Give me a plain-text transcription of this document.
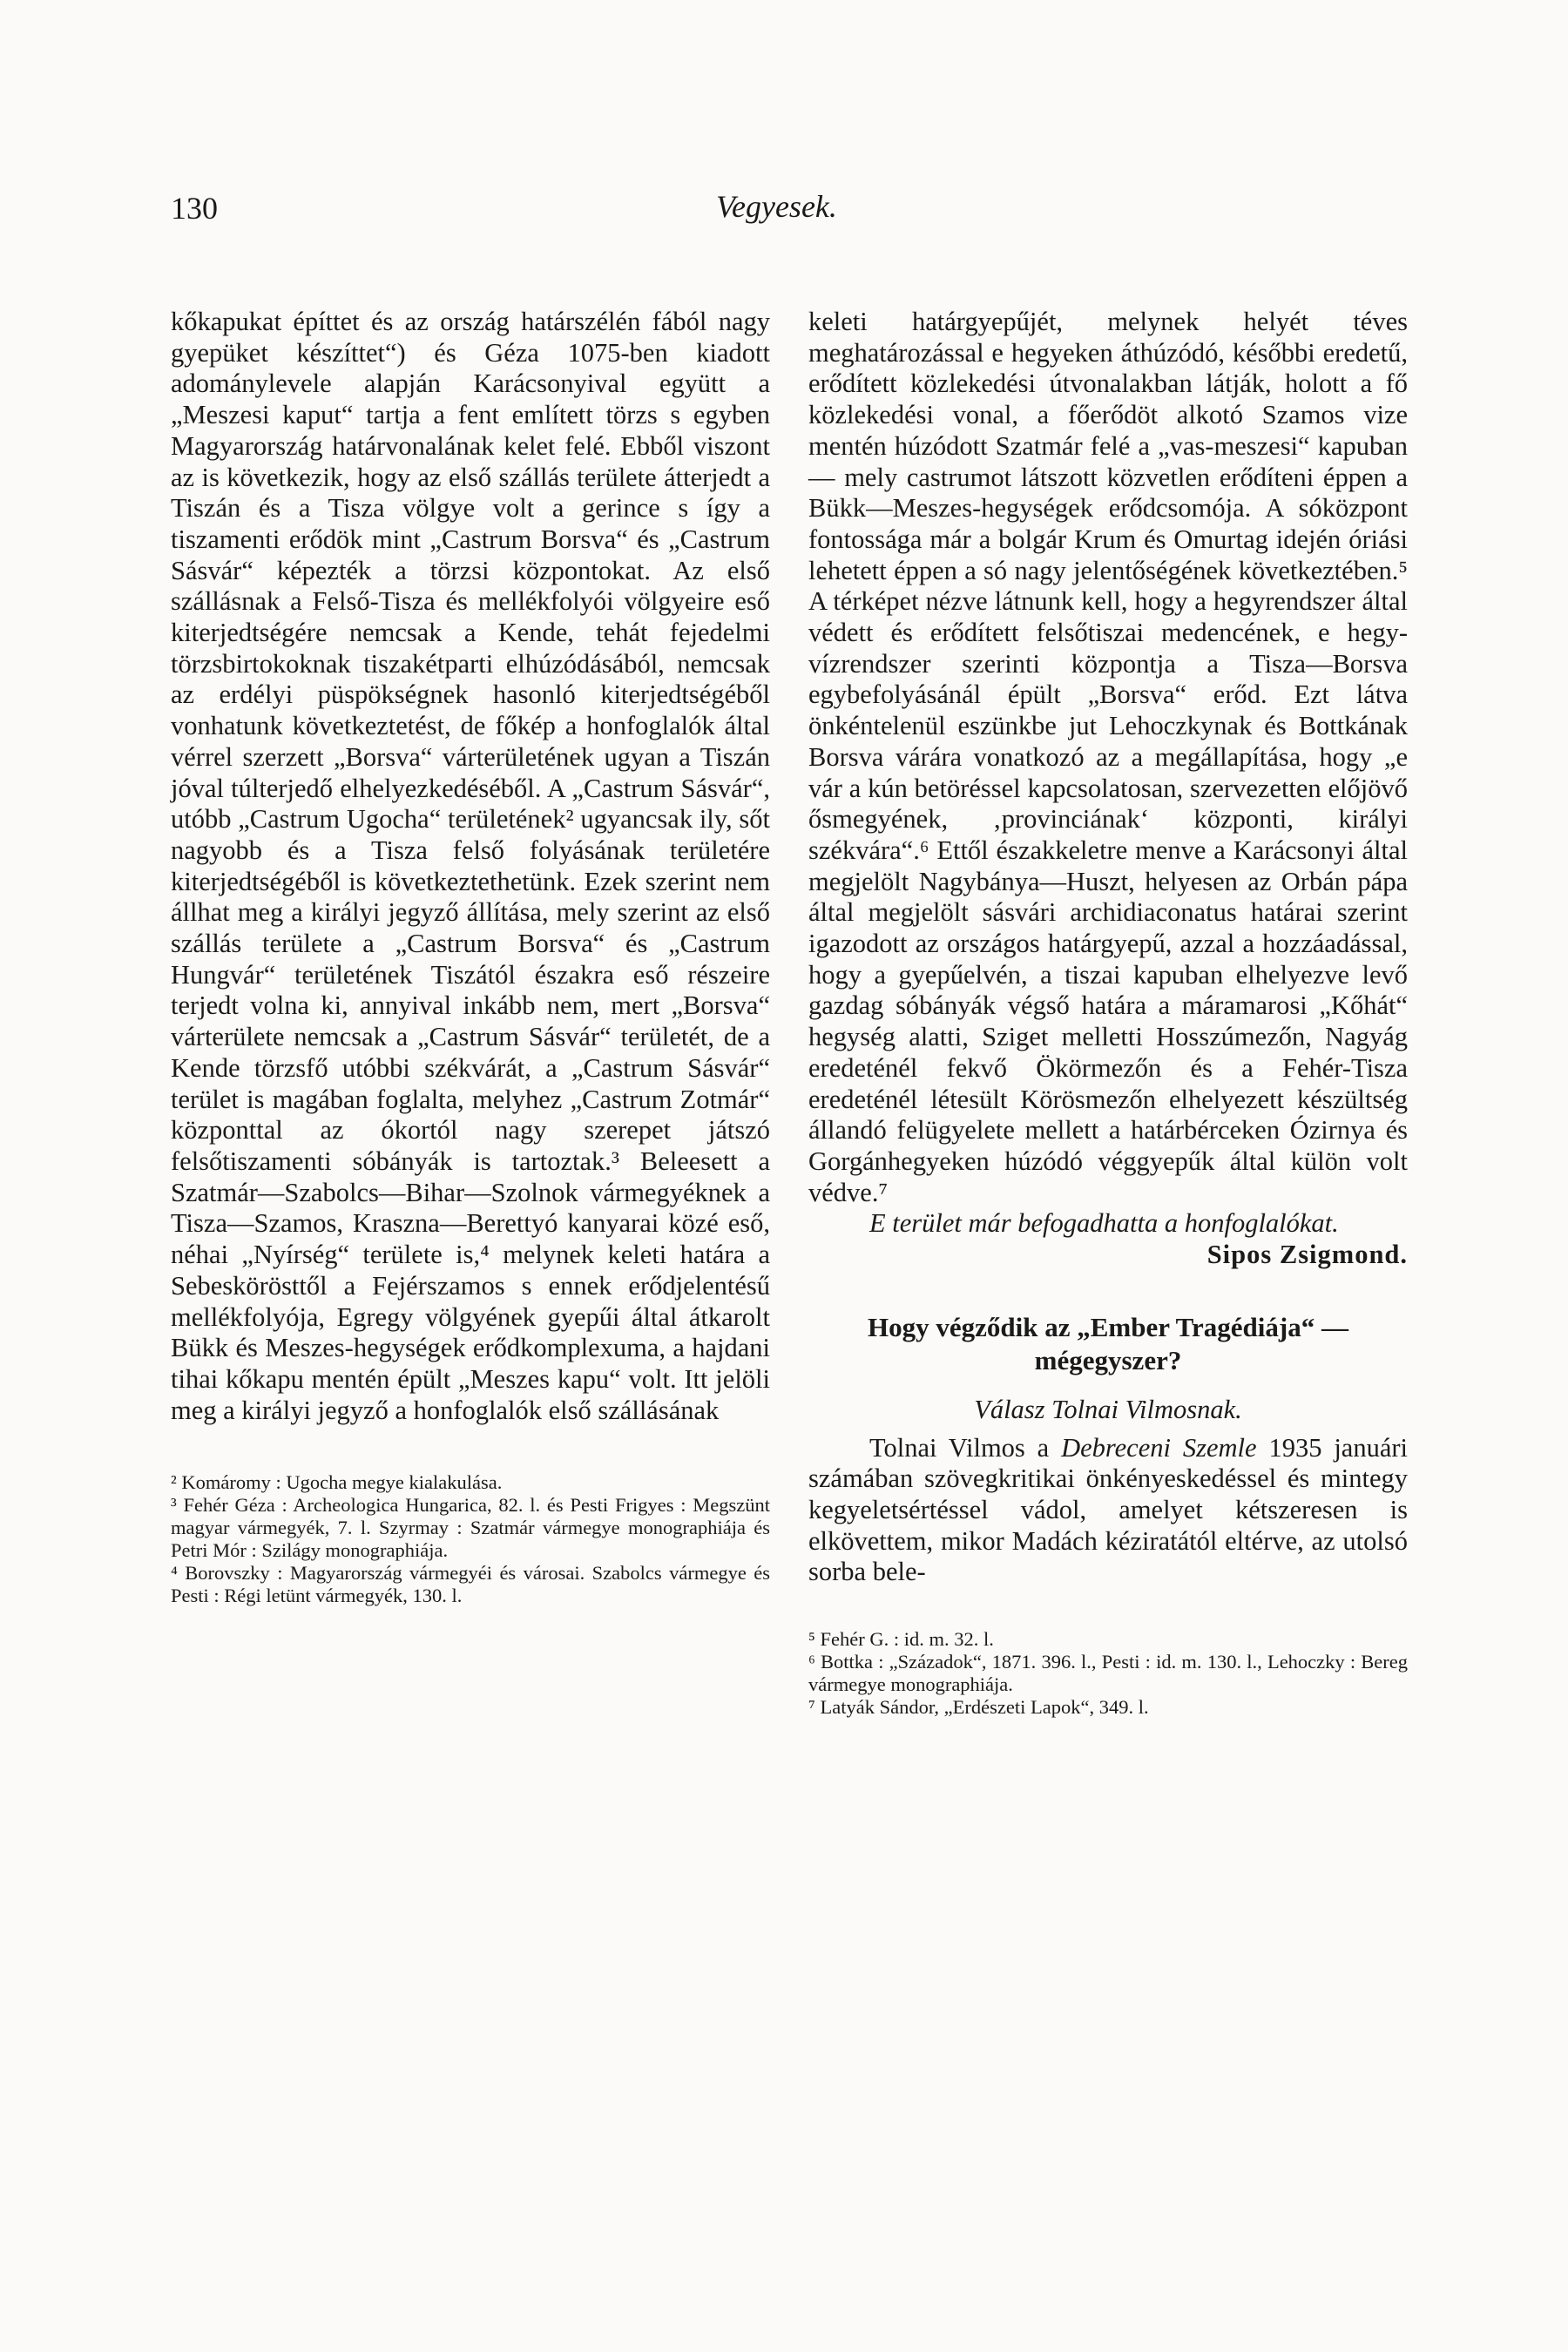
130	Vegyesek.

kőkapukat építtet és az ország határszélén fából nagy gyepüket készíttet“) és Géza 1075-ben kiadott adománylevele alapján Karácsonyival együtt a „Meszesi kaput“ tartja a fent említett törzs s egyben Magyarország határvonalának kelet felé. Ebből viszont az is következik, hogy az első szállás területe átterjedt a Tiszán és a Tisza völgye volt a gerince s így a tiszamenti erődök mint „Castrum Borsva“ és „Castrum Sásvár“ képezték a törzsi központokat. Az első szállásnak a Felső-Tisza és mellékfolyói völgyeire eső kiterjedtségére nemcsak a Kende, tehát fejedelmi törzsbirtokoknak tiszakétparti elhúzódásából, nemcsak az erdélyi püspökségnek hasonló kiterjedtségéből vonhatunk következtetést, de főkép a honfoglalók által vérrel szerzett „Borsva“ várterületének ugyan a Tiszán jóval túlterjedő elhelyezkedéséből. A „Castrum Sásvár“, utóbb „Castrum Ugocha“ területének² ugyancsak ily, sőt nagyobb és a Tisza felső folyásának területére kiterjedtségéből is következtethetünk. Ezek szerint nem állhat meg a királyi jegyző állítása, mely szerint az első szállás területe a „Castrum Borsva“ és „Castrum Hungvár“ területének Tiszától északra eső részeire terjedt volna ki, annyival inkább nem, mert „Borsva“ várterülete nemcsak a „Castrum Sásvár“ területét, de a Kende törzsfő utóbbi székvárát, a „Castrum Sásvár“ terület is magában foglalta, melyhez „Castrum Zotmár“ központtal az ókortól nagy szerepet játszó felsőtiszamenti sóbányák is tartoztak.³ Beleesett a Szatmár—Szabolcs—Bihar—Szolnok vármegyéknek a Tisza—Szamos, Kraszna—Berettyó kanyarai közé eső, néhai „Nyírség“ területe is,⁴ melynek keleti határa a Sebeskörösttől a Fejérszamos s ennek erődjelentésű mellékfolyója, Egregy völgyének gyepűi által átkarolt Bükk és Meszes-hegységek erődkomplexuma, a hajdani tihai kőkapu mentén épült „Meszes kapu“ volt. Itt jelöli meg a királyi jegyző a honfoglalók első szállásának

² Komáromy : Ugocha megye kialakulása.

³ Fehér Géza : Archeologica Hungarica, 82. l. és Pesti Frigyes : Megszünt magyar vármegyék, 7. l. Szyrmay : Szatmár vármegye monographiája és Petri Mór : Szilágy monographiája.

⁴ Borovszky : Magyarország vármegyéi és városai. Szabolcs vármegye és Pesti : Régi letünt vármegyék, 130. l.

keleti határgyepűjét, melynek helyét téves meghatározással e hegyeken áthúzódó, későbbi eredetű, erődített közlekedési útvonalakban látják, holott a fő közlekedési vonal, a főerődöt alkotó Szamos vize mentén húzódott Szatmár felé a „vas-meszesi“ kapuban — mely castrumot látszott közvetlen erődíteni éppen a Bükk—Meszes-hegységek erődcsomója. A sóközpont fontossága már a bolgár Krum és Omurtag idején óriási lehetett éppen a só nagy jelentőségének következtében.⁵ A térképet nézve látnunk kell, hogy a hegyrendszer által védett és erődített felsőtiszai medencének, e hegy-vízrendszer szerinti központja a Tisza—Borsva egybefolyásánál épült „Borsva“ erőd. Ezt látva önkéntelenül eszünkbe jut Lehoczkynak és Bottkának Borsva várára vonatkozó az a megállapítása, hogy „e vár a kún betöréssel kapcsolatosan, szervezetten előjövő ősmegyének, ‚provinciának‘ központi, királyi székvára“.⁶ Ettől északkeletre menve a Karácsonyi által megjelölt Nagybánya—Huszt, helyesen az Orbán pápa által megjelölt sásvári archidiaconatus határai szerint igazodott az országos határgyepű, azzal a hozzáadással, hogy a gyepűelvén, a tiszai kapuban elhelyezve levő gazdag sóbányák végső határa a máramarosi „Kőhát“ hegység alatti, Sziget melletti Hosszúmezőn, Nagyág eredeténél fekvő Ökörmezőn és a Fehér-Tisza eredeténél létesült Körösmezőn elhelyezett készültség állandó felügyelete mellett a határbérceken Ózirnya és Gorgánhegyeken húzódó véggyepűk által külön volt védve.⁷

E terület már befogadhatta a honfoglalókat.
Sipos Zsigmond.

Hogy végződik az „Ember Tragédiája“ — mégegyszer?
Válasz Tolnai Vilmosnak.

Tolnai Vilmos a Debreceni Szemle 1935 januári számában szövegkritikai önkényeskedéssel és mintegy kegyeletsértéssel vádol, amelyet kétszeresen is elkövettem, mikor Madách kéziratától eltérve, az utolsó sorba bele-

⁵ Fehér G. : id. m. 32. l.

⁶ Bottka : „Századok“, 1871. 396. l., Pesti : id. m. 130. l., Lehoczky : Bereg vármegye monographiája.

⁷ Latyák Sándor, „Erdészeti Lapok“, 349. l.
